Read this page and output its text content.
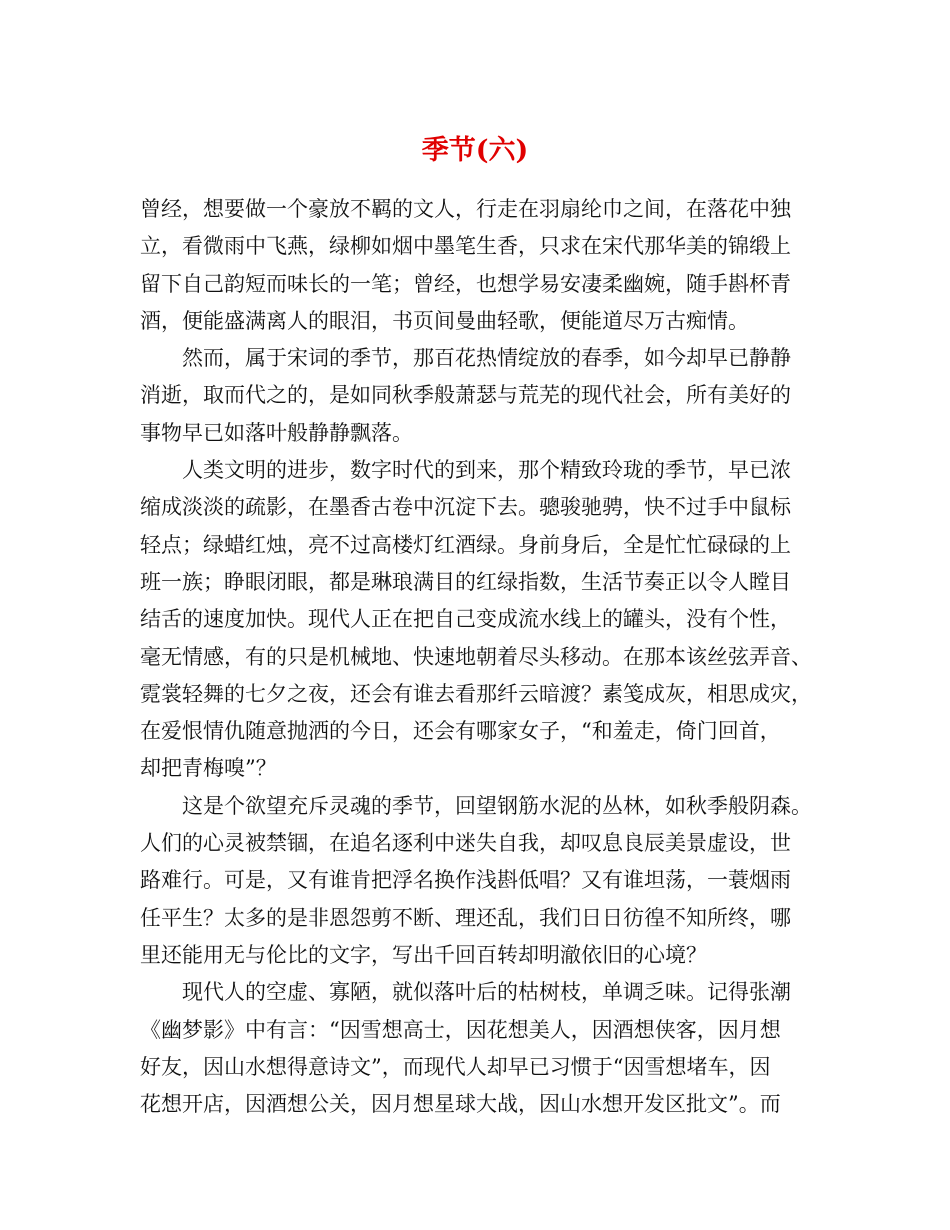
季节(六)
曾经，想要做一个豪放不羁的文人，行走在羽扇纶巾之间，在落花中独
立，看微雨中飞燕，绿柳如烟中墨笔生香，只求在宋代那华美的锦缎上
留下自己韵短而味长的一笔；曾经，也想学易安凄柔幽婉，随手斟杯青
酒，便能盛满离人的眼泪，书页间曼曲轻歌，便能道尽万古痴情。
然而，属于宋词的季节，那百花热情绽放的春季，如今却早已静静
消逝，取而代之的，是如同秋季般萧瑟与荒芜的现代社会，所有美好的
事物早已如落叶般静静飘落。
人类文明的进步，数字时代的到来，那个精致玲珑的季节，早已浓
缩成淡淡的疏影，在墨香古卷中沉淀下去。骢骏驰骋，快不过手中鼠标
轻点；绿蜡红烛，亮不过高楼灯红酒绿。身前身后，全是忙忙碌碌的上
班一族；睁眼闭眼，都是琳琅满目的红绿指数，生活节奏正以令人瞠目
结舌的速度加快。现代人正在把自己变成流水线上的罐头，没有个性，
毫无情感，有的只是机械地、快速地朝着尽头移动。在那本该丝弦弄音、
霓裳轻舞的七夕之夜，还会有谁去看那纤云暗渡？素笺成灰，相思成灾，
在爱恨情仇随意抛洒的今日，还会有哪家女子，“和羞走，倚门回首，
却把青梅嗅”？
这是个欲望充斥灵魂的季节，回望钢筋水泥的丛林，如秋季般阴森。
人们的心灵被禁锢，在追名逐利中迷失自我，却叹息良辰美景虚设，世
路难行。可是，又有谁肯把浮名换作浅斟低唱？又有谁坦荡，一蓑烟雨
任平生？太多的是非恩怨剪不断、理还乱，我们日日彷徨不知所终，哪
里还能用无与伦比的文字，写出千回百转却明澈依旧的心境？
现代人的空虚、寡陋，就似落叶后的枯树枝，单调乏味。记得张潮
《幽梦影》中有言：“因雪想高士，因花想美人，因酒想侠客，因月想
好友，因山水想得意诗文”，而现代人却早已习惯于“因雪想堵车，因
花想开店，因酒想公关，因月想星球大战，因山水想开发区批文”。而
